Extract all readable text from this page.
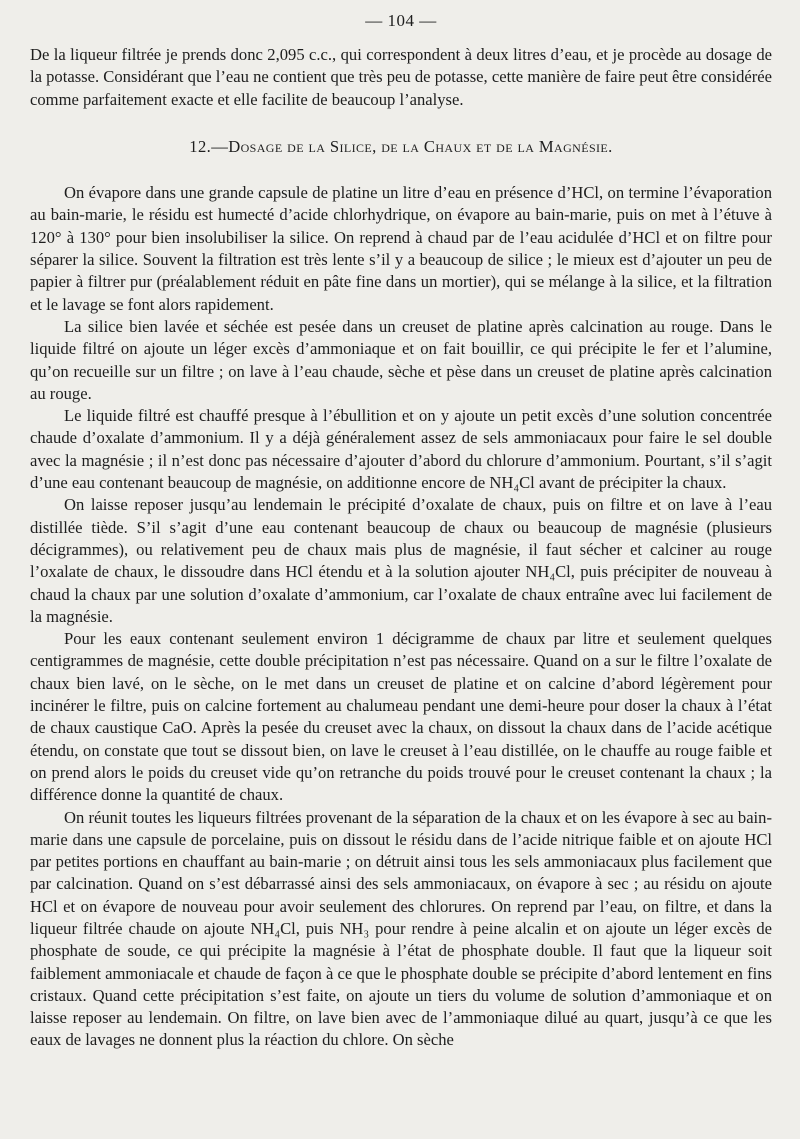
— 104 —

De la liqueur filtrée je prends donc 2,095 c.c., qui correspondent à deux litres d’eau, et je procède au dosage de la potasse. Considérant que l’eau ne contient que très peu de potasse, cette manière de faire peut être considérée comme parfaitement exacte et elle facilite de beaucoup l’analyse.

12.—Dosage de la Silice, de la Chaux et de la Magnésie.

On évapore dans une grande capsule de platine un litre d’eau en présence d’HCl, on termine l’évaporation au bain-marie, le résidu est humecté d’acide chlorhydrique, on évapore au bain-marie, puis on met à l’étuve à 120° à 130° pour bien insolubiliser la silice. On reprend à chaud par de l’eau acidulée d’HCl et on filtre pour séparer la silice. Souvent la filtration est très lente s’il y a beaucoup de silice ; le mieux est d’ajouter un peu de papier à filtrer pur (préalablement réduit en pâte fine dans un mortier), qui se mélange à la silice, et la filtration et le lavage se font alors rapidement.

La silice bien lavée et séchée est pesée dans un creuset de platine après calcination au rouge. Dans le liquide filtré on ajoute un léger excès d’ammoniaque et on fait bouillir, ce qui précipite le fer et l’alumine, qu’on recueille sur un filtre ; on lave à l’eau chaude, sèche et pèse dans un creuset de platine après calcination au rouge.

Le liquide filtré est chauffé presque à l’ébullition et on y ajoute un petit excès d’une solution concentrée chaude d’oxalate d’ammonium. Il y a déjà généralement assez de sels ammoniacaux pour faire le sel double avec la magnésie ; il n’est donc pas nécessaire d’ajouter d’abord du chlorure d’ammonium. Pourtant, s’il s’agit d’une eau contenant beaucoup de magnésie, on additionne encore de NH₄Cl avant de précipiter la chaux.

On laisse reposer jusqu’au lendemain le précipité d’oxalate de chaux, puis on filtre et on lave à l’eau distillée tiède. S’il s’agit d’une eau contenant beaucoup de chaux ou beaucoup de magnésie (plusieurs décigrammes), ou relativement peu de chaux mais plus de magnésie, il faut sécher et calciner au rouge l’oxalate de chaux, le dissoudre dans HCl étendu et à la solution ajouter NH₄Cl, puis précipiter de nouveau à chaud la chaux par une solution d’oxalate d’ammonium, car l’oxalate de chaux entraîne avec lui facilement de la magnésie.

Pour les eaux contenant seulement environ 1 décigramme de chaux par litre et seulement quelques centigrammes de magnésie, cette double précipitation n’est pas nécessaire. Quand on a sur le filtre l’oxalate de chaux bien lavé, on le sèche, on le met dans un creuset de platine et on calcine d’abord légèrement pour incinérer le filtre, puis on calcine fortement au chalumeau pendant une demi-heure pour doser la chaux à l’état de chaux caustique CaO. Après la pesée du creuset avec la chaux, on dissout la chaux dans de l’acide acétique étendu, on constate que tout se dissout bien, on lave le creuset à l’eau distillée, on le chauffe au rouge faible et on prend alors le poids du creuset vide qu’on retranche du poids trouvé pour le creuset contenant la chaux ; la différence donne la quantité de chaux.

On réunit toutes les liqueurs filtrées provenant de la séparation de la chaux et on les évapore à sec au bain-marie dans une capsule de porcelaine, puis on dissout le résidu dans de l’acide nitrique faible et on ajoute HCl par petites portions en chauffant au bain-marie ; on détruit ainsi tous les sels ammoniacaux plus facilement que par calcination. Quand on s’est débarrassé ainsi des sels ammoniacaux, on évapore à sec ; au résidu on ajoute HCl et on évapore de nouveau pour avoir seulement des chlorures. On reprend par l’eau, on filtre, et dans la liqueur filtrée chaude on ajoute NH₄Cl, puis NH₃ pour rendre à peine alcalin et on ajoute un léger excès de phosphate de soude, ce qui précipite la magnésie à l’état de phosphate double. Il faut que la liqueur soit faiblement ammoniacale et chaude de façon à ce que le phosphate double se précipite d’abord lentement en fins cristaux. Quand cette précipitation s’est faite, on ajoute un tiers du volume de solution d’ammoniaque et on laisse reposer au lendemain. On filtre, on lave bien avec de l’ammoniaque dilué au quart, jusqu’à ce que les eaux de lavages ne donnent plus la réaction du chlore. On sèche
